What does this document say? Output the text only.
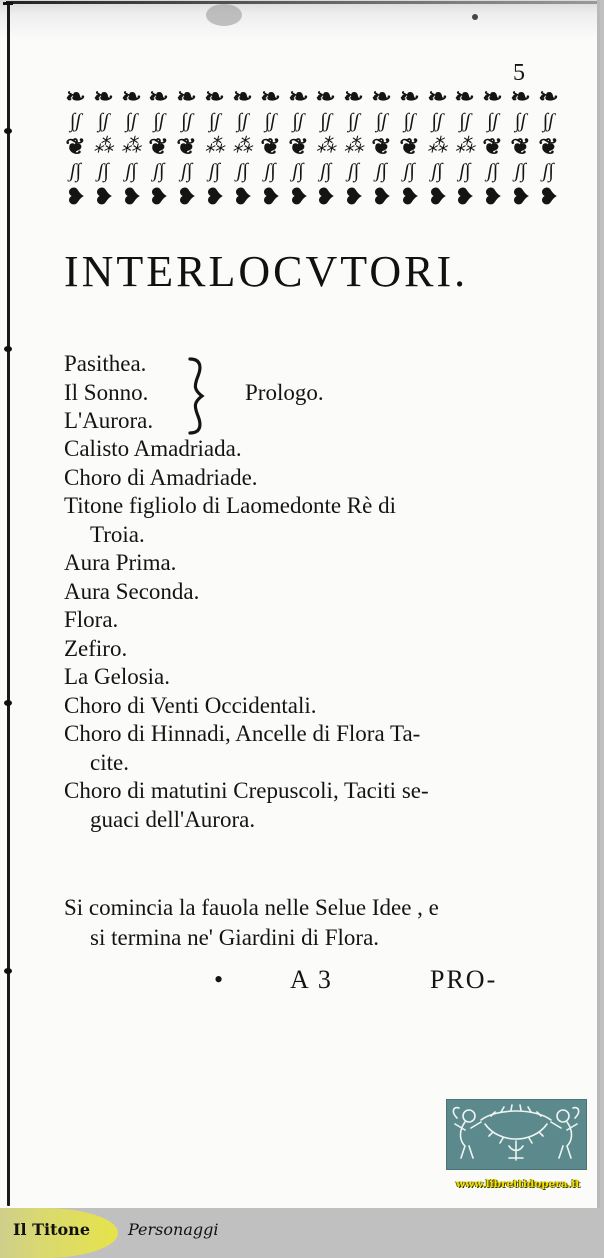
5
❧ ❧ ❧ ❧ ❧ ❧ ❧ ❧ ❧ ❧ ❧ ❧ ❧ ❧ ❧ ❧ ❧ ❧
∫ʃ ∫ʃ ∫ʃ ∫ʃ ∫ʃ ∫ʃ ∫ʃ ∫ʃ ∫ʃ ∫ʃ ∫ʃ ∫ʃ ∫ʃ ∫ʃ ∫ʃ ∫ʃ ∫ʃ ∫ʃ
❦ ⁂ ⁂ ❦ ❦ ⁂ ⁂ ❦ ❦ ⁂ ⁂ ❦ ❦ ⁂ ⁂ ❦ ❦ ❦
ʃ∫ ʃ∫ ʃ∫ ʃ∫ ʃ∫ ʃ∫ ʃ∫ ʃ∫ ʃ∫ ʃ∫ ʃ∫ ʃ∫ ʃ∫ ʃ∫ ʃ∫ ʃ∫ ʃ∫ ʃ∫
❥ ❥ ❥ ❥ ❥ ❥ ❥ ❥ ❥ ❥ ❥ ❥ ❥ ❥ ❥ ❥ ❥ ❥
INTERLOCVTORI.
Pasithea.
Il Sonno.
L'Aurora.
Prologo.
Calisto Amadriada.
Choro di Amadriade.
Titone figliolo di Laomedonte Rè di
Troia.
Aura Prima.
Aura Seconda.
Flora.
Zefiro.
La Gelosia.
Choro di Venti Occidentali.
Choro di Hinnadi, Ancelle di Flora Ta-
cite.
Choro di matutini Crepuscoli, Taciti se-
guaci dell'Aurora.
Si comincia la fauola nelle Selue Idee , e
si termina ne' Giardini di Flora.
• A 3	PRO-
www.librettidopera.it
Il Titone Personaggi
